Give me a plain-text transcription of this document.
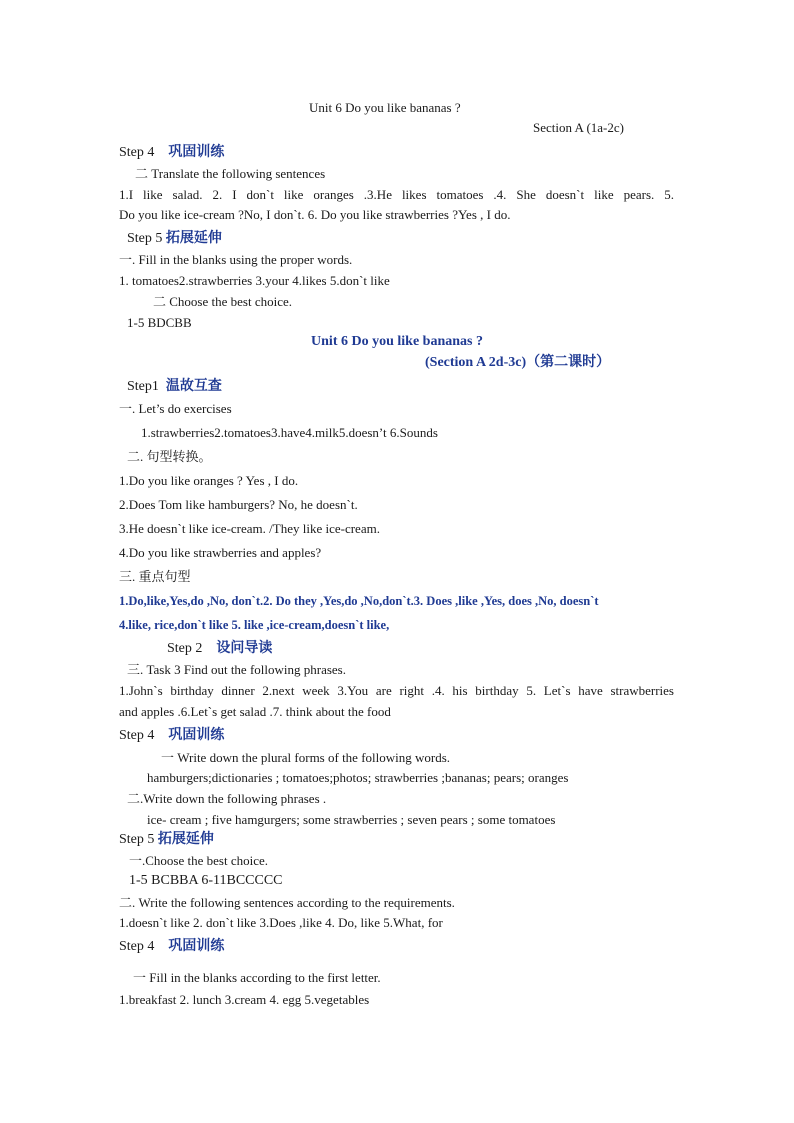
Unit 6 Do you like bananas ?
Section A (1a-2c)
Step 4 巩固训练
二 Translate the following sentences
1.I like salad. 2. I don`t like oranges .3.He likes tomatoes .4. She doesn`t like pears. 5.
Do you like ice-cream ?No, I don`t. 6. Do you like strawberries ?Yes , I do.
Step 5 拓展延伸
一. Fill in the blanks using the proper words.
1. tomatoes2.strawberries 3.your 4.likes 5.don`t like
二 Choose the best choice.
1-5 BDCBB
Unit 6 Do you like bananas ?
(Section A 2d-3c)（第二课时）
Step1 温故互查
一. Let’s do exercises
1.strawberries2.tomatoes3.have4.milk5.doesn’t 6.Sounds
二. 句型转换。
1.Do you like oranges ? Yes , I do.
2.Does Tom like hamburgers? No, he doesn`t.
3.He doesn`t like ice-cream. /They like ice-cream.
4.Do you like strawberries and apples?
三. 重点句型
1.Do,like,Yes,do ,No, don`t.2. Do they ,Yes,do ,No,don`t.3. Does ,like ,Yes, does ,No, doesn`t
4.like, rice,don`t like 5. like ,ice-cream,doesn`t like,
Step 2 设问导读
三. Task 3 Find out the following phrases.
1.John`s birthday dinner 2.next week 3.You are right .4. his birthday 5. Let`s have strawberries
and apples .6.Let`s get salad .7. think about the food
Step 4 巩固训练
一 Write down the plural forms of the following words.
hamburgers;dictionaries ; tomatoes;photos; strawberries ;bananas; pears; oranges
二.Write down the following phrases .
ice- cream ; five hamgurgers; some strawberries ; seven pears ; some tomatoes
Step 5 拓展延伸
一.Choose the best choice.
1-5 BCBBA 6-11BCCCCC
二. Write the following sentences according to the requirements.
1.doesn`t like 2. don`t like 3.Does ,like 4. Do, like 5.What, for
Step 4 巩固训练
一 Fill in the blanks according to the first letter.
1.breakfast 2. lunch 3.cream 4. egg 5.vegetables
